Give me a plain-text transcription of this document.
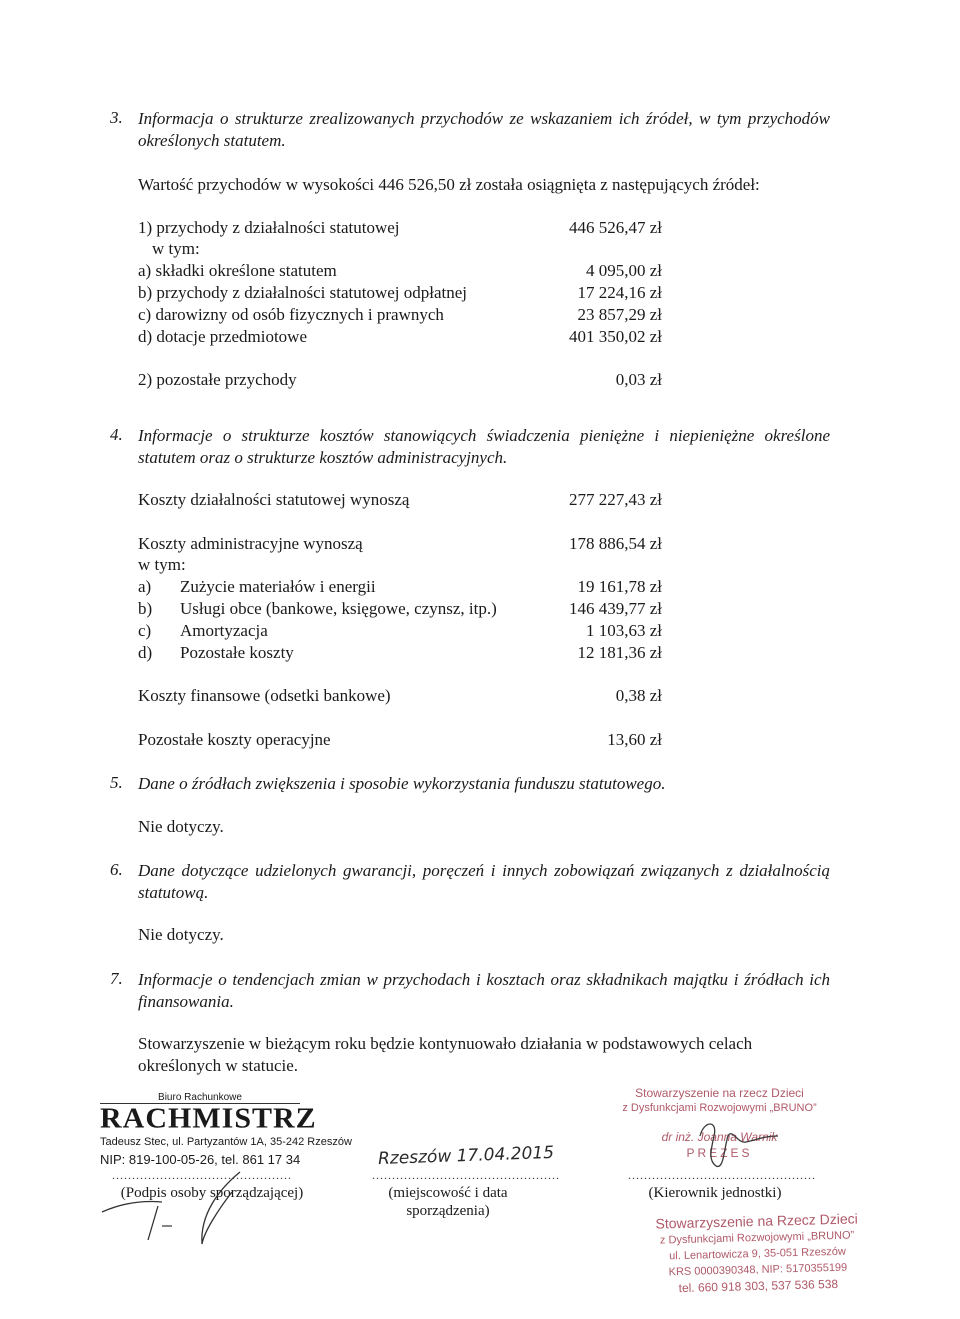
3. Informacja o strukturze zrealizowanych przychodów ze wskazaniem ich źródeł, w tym przychodów określonych statutem.
Wartość przychodów w wysokości 446 526,50 zł została osiągnięta z następujących źródeł:
1) przychody z działalności statutowej	446 526,47 zł
w tym:
a) składki określone statutem	4 095,00 zł
b) przychody z działalności statutowej odpłatnej	17 224,16 zł
c) darowizny od osób fizycznych i prawnych	23 857,29 zł
d) dotacje przedmiotowe	401 350,02 zł
2) pozostałe przychody	0,03 zł
4. Informacje o strukturze kosztów stanowiących świadczenia pieniężne i niepieniężne określone statutem oraz o strukturze kosztów administracyjnych.
Koszty działalności statutowej wynoszą	277 227,43 zł
Koszty administracyjne wynoszą	178 886,54 zł
w tym:
a) Zużycie materiałów i energii	19 161,78 zł
b) Usługi obce (bankowe, księgowe, czynsz, itp.)	146 439,77 zł
c) Amortyzacja	1 103,63 zł
d) Pozostałe koszty	12 181,36 zł
Koszty finansowe (odsetki bankowe)	0,38 zł
Pozostałe koszty operacyjne	13,60 zł
5. Dane o źródłach zwiększenia i sposobie wykorzystania funduszu statutowego.
Nie dotyczy.
6. Dane dotyczące udzielonych gwarancji, poręczeń i innych zobowiązań związanych z działalnością statutową.
Nie dotyczy.
7. Informacje o tendencjach zmian w przychodach i kosztach oraz składnikach majątku i źródłach ich finansowania.
Stowarzyszenie w bieżącym roku będzie kontynuowało działania w podstawowych celach określonych w statucie.
Biuro Rachunkowe
RACHMISTRZ
Tadeusz Stec, ul. Partyzantów 1A, 35-242 Rzeszów
NIP: 819-100-05-26, tel. 861 17 34
.............................................	...............................................	...............................................
(Podpis osoby sporządzającej)	(miejscowość i data sporządzenia)
(Kierownik jednostki)
Rzeszów 17.04.2015
Stowarzyszenie na rzecz Dzieci
z Dysfunkcjami Rozwojowymi „BRUNO”
dr inż. Joanna Warnik
PREZES
Stowarzyszenie na Rzecz Dzieci
z Dysfunkcjami Rozwojowymi „BRUNO”
ul. Lenartowicza 9, 35-051 Rzeszów
KRS 0000390348, NIP: 5170355199
tel. 660 918 303, 537 536 538
